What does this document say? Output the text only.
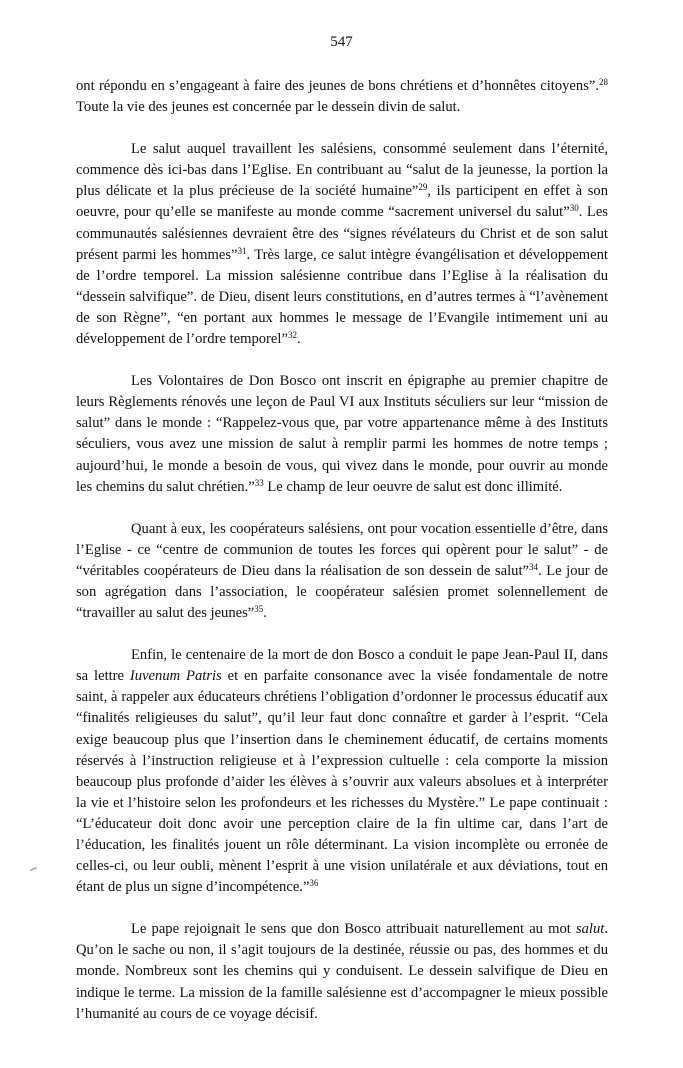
547

ont répondu en s’engageant à faire des jeunes de bons chrétiens et d’honnêtes citoyens”.$^{28}$ Toute la vie des jeunes est concernée par le dessein divin de salut.

Le salut auquel travaillent les salésiens, consommé seulement dans l’éternité, commence dès ici-bas dans l’Eglise. En contribuant au “salut de la jeunesse, la portion la plus délicate et la plus précieuse de la société humaine”$^{29}$, ils participent en effet à son oeuvre, pour qu’elle se manifeste au monde comme “sacrement universel du salut”$^{30}$. Les communautés salésiennes devraient être des “signes révélateurs du Christ et de son salut présent parmi les hommes”$^{31}$. Très large, ce salut intègre évangélisation et développement de l’ordre temporel. La mission salésienne contribue dans l’Eglise à la réalisation du “dessein salvifique”. de Dieu, disent leurs constitutions, en d’autres termes à “l’avènement de son Règne”, “en portant aux hommes le message de l’Evangile intimement uni au développement de l’ordre temporel”$^{32}$.

Les Volontaires de Don Bosco ont inscrit en épigraphe au premier chapitre de leurs Règlements rénovés une leçon de Paul VI aux Instituts séculiers sur leur “mission de salut” dans le monde : “Rappelez-vous que, par votre appartenance même à des Instituts séculiers, vous avez une mission de salut à remplir parmi les hommes de notre temps ; aujourd’hui, le monde a besoin de vous, qui vivez dans le monde, pour ouvrir au monde les chemins du salut chrétien.”$^{33}$ Le champ de leur oeuvre de salut est donc illimité.

Quant à eux, les coopérateurs salésiens, ont pour vocation essentielle d’être, dans l’Eglise - ce “centre de communion de toutes les forces qui opèrent pour le salut” - de “véritables coopérateurs de Dieu dans la réalisation de son dessein de salut”$^{34}$. Le jour de son agrégation dans l’association, le coopérateur salésien promet solennellement de “travailler au salut des jeunes”$^{35}$.

Enfin, le centenaire de la mort de don Bosco a conduit le pape Jean-Paul II, dans sa lettre Iuvenum Patris et en parfaite consonance avec la visée fondamentale de notre saint, à rappeler aux éducateurs chrétiens l’obligation d’ordonner le processus éducatif aux “finalités religieuses du salut”, qu’il leur faut donc connaître et garder à l’esprit. “Cela exige beaucoup plus que l’insertion dans le cheminement éducatif, de certains moments réservés à l’instruction religieuse et à l’expression cultuelle : cela comporte la mission beaucoup plus profonde d’aider les élèves à s’ouvrir aux valeurs absolues et à interpréter la vie et l’histoire selon les profondeurs et les richesses du Mystère.” Le pape continuait : “L’éducateur doit donc avoir une perception claire de la fin ultime car, dans l’art de l’éducation, les finalités jouent un rôle déterminant. La vision incomplète ou erronée de celles-ci, ou leur oubli, mènent l’esprit à une vision unilatérale et aux déviations, tout en étant de plus un signe d’incompétence.”$^{36}$

Le pape rejoignait le sens que don Bosco attribuait naturellement au mot salut. Qu’on le sache ou non, il s’agit toujours de la destinée, réussie ou pas, des hommes et du monde. Nombreux sont les chemins qui y conduisent. Le dessein salvifique de Dieu en indique le terme. La mission de la famille salésienne est d’accompagner le mieux possible l’humanité au cours de ce voyage décisif.
